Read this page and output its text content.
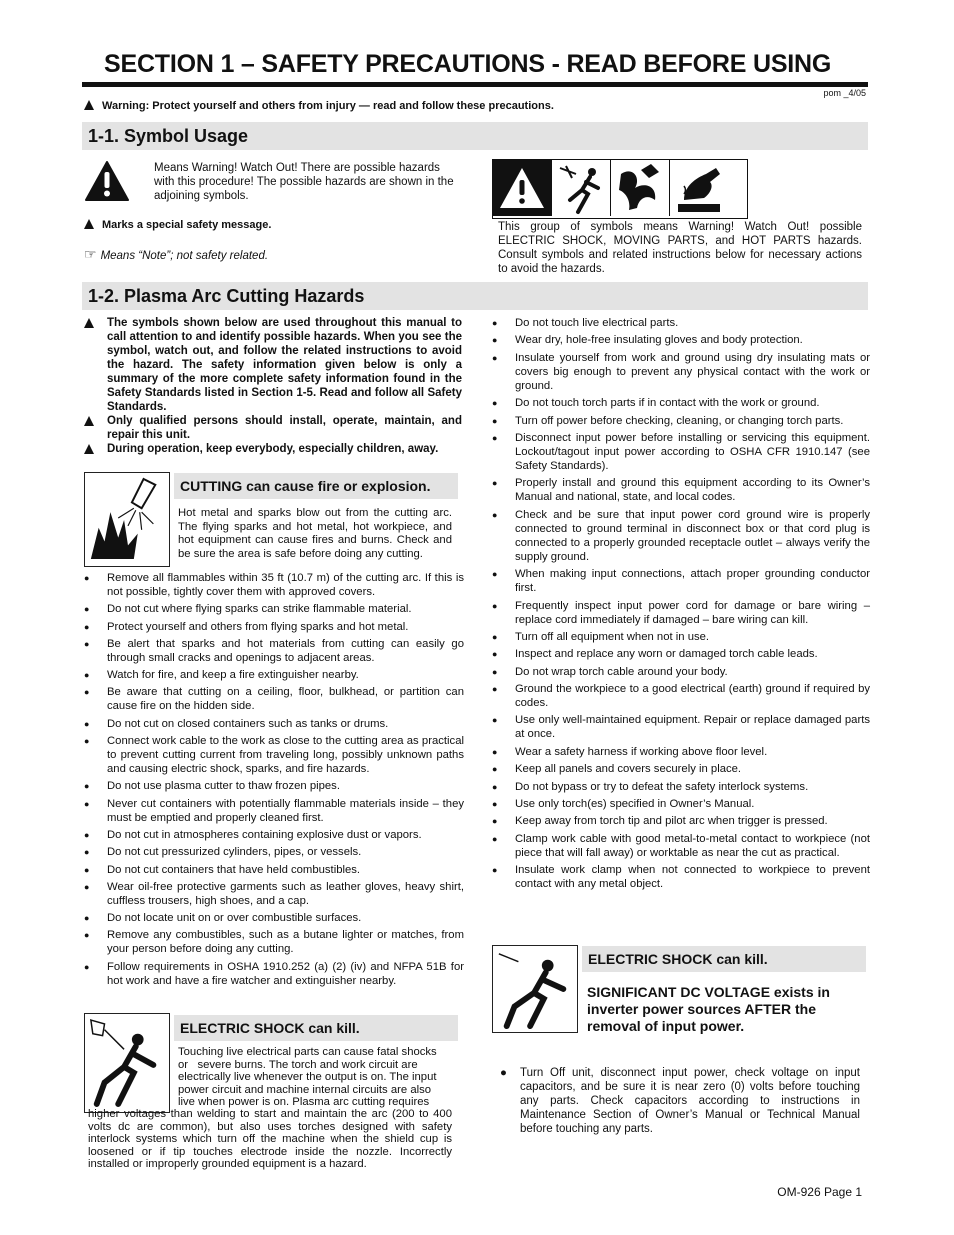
SECTION 1 – SAFETY PRECAUTIONS - READ BEFORE USING
pom _4/05
Warning: Protect yourself and others from injury — read and follow these precautions.
1-1. Symbol Usage
Means Warning! Watch Out! There are possible hazards with this procedure! The possible hazards are shown in the adjoining symbols.
Marks a special safety message.
☞ Means “Note”; not safety related.
This group of symbols means Warning! Watch Out! possible ELECTRIC SHOCK, MOVING PARTS, and HOT PARTS hazards. Consult symbols and related instructions below for necessary actions to avoid the hazards.
1-2. Plasma Arc Cutting Hazards
The symbols shown below are used throughout this manual to call attention to and identify possible hazards. When you see the symbol, watch out, and follow the related instructions to avoid the hazard. The safety information given below is only a summary of the more complete safety information found in the Safety Standards listed in Section 1-5. Read and follow all Safety Standards.
Only qualified persons should install, operate, maintain, and repair this unit.
During operation, keep everybody, especially children, away.
CUTTING can cause fire or explosion.
Hot metal and sparks blow out from the cutting arc. The flying sparks and hot metal, hot workpiece, and hot equipment can cause fires and burns. Check and be sure the area is safe before doing any cutting.
● Remove all flammables within 35 ft (10.7 m) of the cutting arc. If this is not possible, tightly cover them with approved covers.
● Do not cut where flying sparks can strike flammable material.
● Protect yourself and others from flying sparks and hot metal.
● Be alert that sparks and hot materials from cutting can easily go through small cracks and openings to adjacent areas.
● Watch for fire, and keep a fire extinguisher nearby.
● Be aware that cutting on a ceiling, floor, bulkhead, or partition can cause fire on the hidden side.
● Do not cut on closed containers such as tanks or drums.
● Connect work cable to the work as close to the cutting area as practical to prevent cutting current from traveling long, possibly unknown paths and causing electric shock, sparks, and fire hazards.
● Do not use plasma cutter to thaw frozen pipes.
● Never cut containers with potentially flammable materials inside – they must be emptied and properly cleaned first.
● Do not cut in atmospheres containing explosive dust or vapors.
● Do not cut pressurized cylinders, pipes, or vessels.
● Do not cut containers that have held combustibles.
● Wear oil-free protective garments such as leather gloves, heavy shirt, cuffless trousers, high shoes, and a cap.
● Do not locate unit on or over combustible surfaces.
● Remove any combustibles, such as a butane lighter or matches, from your person before doing any cutting.
● Follow requirements in OSHA 1910.252 (a) (2) (iv) and NFPA 51B for hot work and have a fire watcher and extinguisher nearby.
ELECTRIC SHOCK can kill.
Touching live electrical parts can cause fatal shocks
or   severe burns. The torch and work circuit are
electrically live whenever the output is on. The input
power circuit and machine internal circuits are also
live when power is on. Plasma arc cutting requires
higher voltages than welding to start and maintain the arc (200 to 400 volts dc are common), but also uses torches designed with safety interlock systems which turn off the machine when the shield cup is loosened or if tip touches electrode inside the nozzle. Incorrectly installed or improperly grounded equipment is a hazard.
● Do not touch live electrical parts.
● Wear dry, hole-free insulating gloves and body protection.
● Insulate yourself from work and ground using dry insulating mats or covers big enough to prevent any physical contact with the work or ground.
● Do not touch torch parts if in contact with the work or ground.
● Turn off power before checking, cleaning, or changing torch parts.
● Disconnect input power before installing or servicing this equipment. Lockout/tagout input power according to OSHA CFR 1910.147 (see Safety Standards).
● Properly install and ground this equipment according to its Owner’s Manual and national, state, and local codes.
● Check and be sure that input power cord ground wire is properly connected to ground terminal in disconnect box or that cord plug is connected to a properly grounded receptacle outlet – always verify the supply ground.
● When making input connections, attach proper grounding conductor first.
● Frequently inspect input power cord for damage or bare wiring – replace cord immediately if damaged – bare wiring can kill.
● Turn off all equipment when not in use.
● Inspect and replace any worn or damaged torch cable leads.
● Do not wrap torch cable around your body.
● Ground the workpiece to a good electrical (earth) ground if required by codes.
● Use only well-maintained equipment. Repair or replace damaged parts at once.
● Wear a safety harness if working above floor level.
● Keep all panels and covers securely in place.
● Do not bypass or try to defeat the safety interlock systems.
● Use only torch(es) specified in Owner’s Manual.
● Keep away from torch tip and pilot arc when trigger is pressed.
● Clamp work cable with good metal-to-metal contact to workpiece (not piece that will fall away) or worktable as near the cut as practical.
● Insulate work clamp when not connected to workpiece to prevent contact with any metal object.
ELECTRIC SHOCK can kill.
SIGNIFICANT DC VOLTAGE exists in inverter power sources AFTER the removal of input power.
●	Turn Off unit, disconnect input power, check voltage on input capacitors, and be sure it is near zero (0) volts before touching any parts. Check capacitors according to instructions in Maintenance Section of Owner’s Manual or Technical Manual before touching any parts.
OM-926 Page 1
